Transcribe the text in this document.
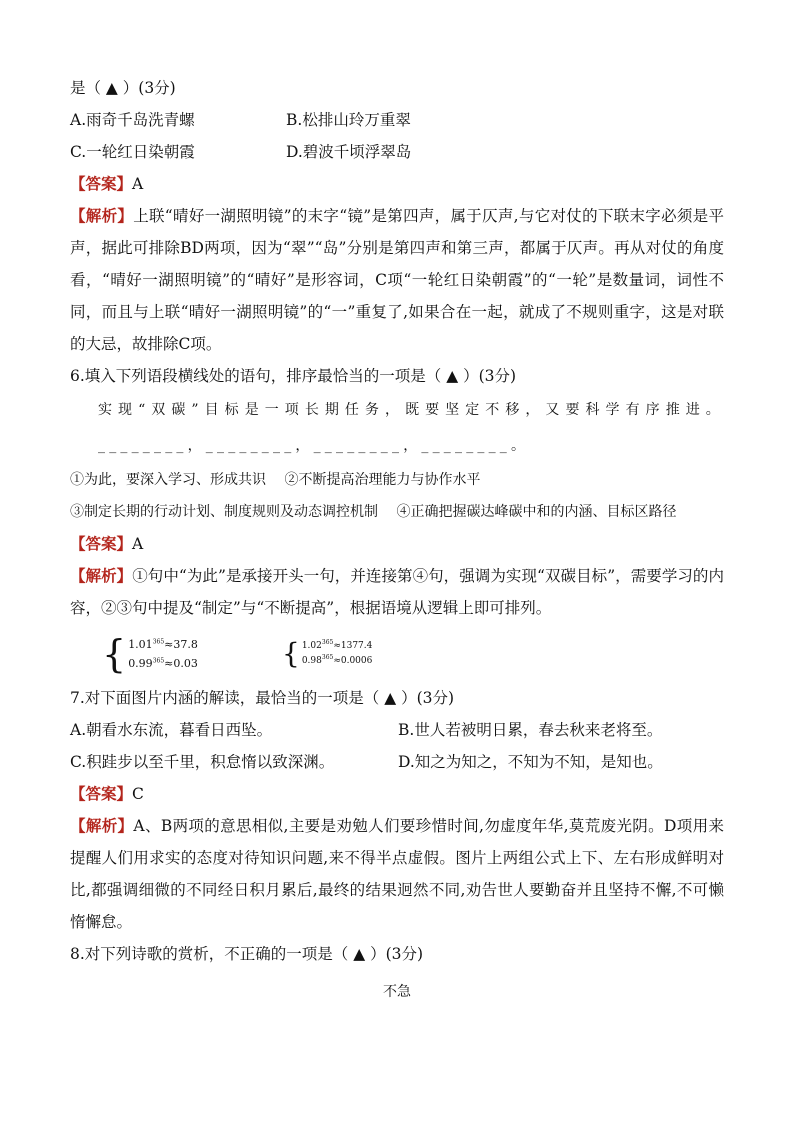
是（ ▲ ）(3分)
A.雨奇千岛洗青螺	B.松排山玲万重翠
C.一轮红日染朝霞	D.碧波千顷浮翠岛
【答案】A
【解析】上联“晴好一湖照明镜”的末字“镜”是第四声，属于仄声,与它对仗的下联末字必须是平声，据此可排除BD两项，因为“翠”“岛”分别是第四声和第三声，都属于仄声。再从对仗的角度看，“晴好一湖照明镜”的“晴好”是形容词，C项“一轮红日染朝霞”的“一轮”是数量词，词性不同，而且与上联“晴好一湖照明镜”的“一”重复了,如果合在一起，就成了不规则重字，这是对联的大忌，故排除C项。
6.填入下列语段横线处的语句，排序最恰当的一项是（ ▲ ）(3分)
实现“双碳”目标是一项长期任务，既要坚定不移，又要科学有序推进。________，________，________，________。
①为此，要深入学习、形成共识　 ②不断提高治理能力与协作水平
③制定长期的行动计划、制度规则及动态调控机制　 ④正确把握碳达峰碳中和的内涵、目标区路径
【答案】A
【解析】①句中“为此”是承接开头一句，并连接第④句，强调为实现“双碳目标”，需要学习的内容，②③句中提及“制定”与“不断提高”，根据语境从逻辑上即可排列。
{ $1.01^{365}\approx 37.8$
$0.99^{365}\approx 0.03$	{ $1.02^{365}\approx 1377.4$
$0.98^{365}\approx 0.0006$
7.对下面图片内涵的解读，最恰当的一项是（ ▲ ）(3分)
A.朝看水东流，暮看日西坠。	B.世人若被明日累，春去秋来老将至。
C.积跬步以至千里，积怠惰以致深渊。	D.知之为知之，不知为不知，是知也。
【答案】C
【解析】A、B两项的意思相似,主要是劝勉人们要珍惜时间,勿虚度年华,莫荒废光阴。D项用来提醒人们用求实的态度对待知识问题,来不得半点虚假。图片上两组公式上下、左右形成鲜明对比,都强调细微的不同经日积月累后,最终的结果迥然不同,劝告世人要勤奋并且坚持不懈,不可懒惰懈怠。
8.对下列诗歌的赏析，不正确的一项是（ ▲ ）(3分)
不急
